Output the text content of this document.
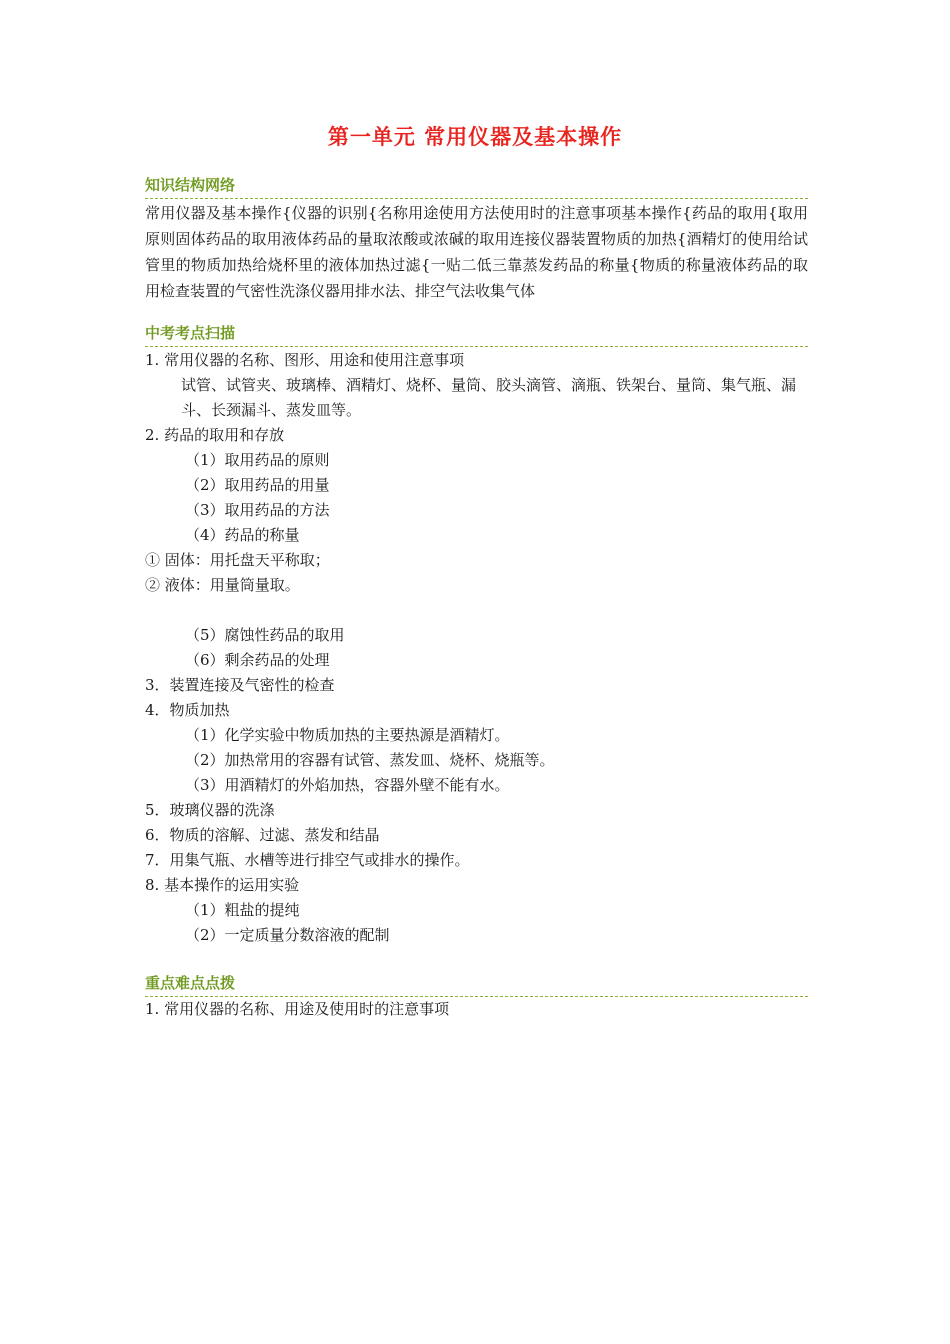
第一单元 常用仪器及基本操作
知识结构网络
常用仪器及基本操作{仪器的识别{名称用途使用方法使用时的注意事项基本操作{药品的取用{取用原则固体药品的取用液体药品的量取浓酸或浓碱的取用连接仪器装置物质的加热{酒精灯的使用给试管里的物质加热给烧杯里的液体加热过滤{一贴二低三靠蒸发药品的称量{物质的称量液体药品的取用检查装置的气密性洗涤仪器用排水法、排空气法收集气体
中考考点扫描
1. 常用仪器的名称、图形、用途和使用注意事项
试管、试管夹、玻璃棒、酒精灯、烧杯、量筒、胶头滴管、滴瓶、铁架台、量筒、集气瓶、漏斗、长颈漏斗、蒸发皿等。
2. 药品的取用和存放
（1）取用药品的原则
（2）取用药品的用量
（3）取用药品的方法
（4）药品的称量
① 固体：用托盘天平称取；
② 液体：用量筒量取。
（5）腐蚀性药品的取用
（6）剩余药品的处理
3．装置连接及气密性的检查
4．物质加热
（1）化学实验中物质加热的主要热源是酒精灯。
（2）加热常用的容器有试管、蒸发皿、烧杯、烧瓶等。
（3）用酒精灯的外焰加热，容器外壁不能有水。
5．玻璃仪器的洗涤
6．物质的溶解、过滤、蒸发和结晶
7．用集气瓶、水槽等进行排空气或排水的操作。
8. 基本操作的运用实验
（1）粗盐的提纯
（2）一定质量分数溶液的配制
重点难点点拨
1. 常用仪器的名称、用途及使用时的注意事项
